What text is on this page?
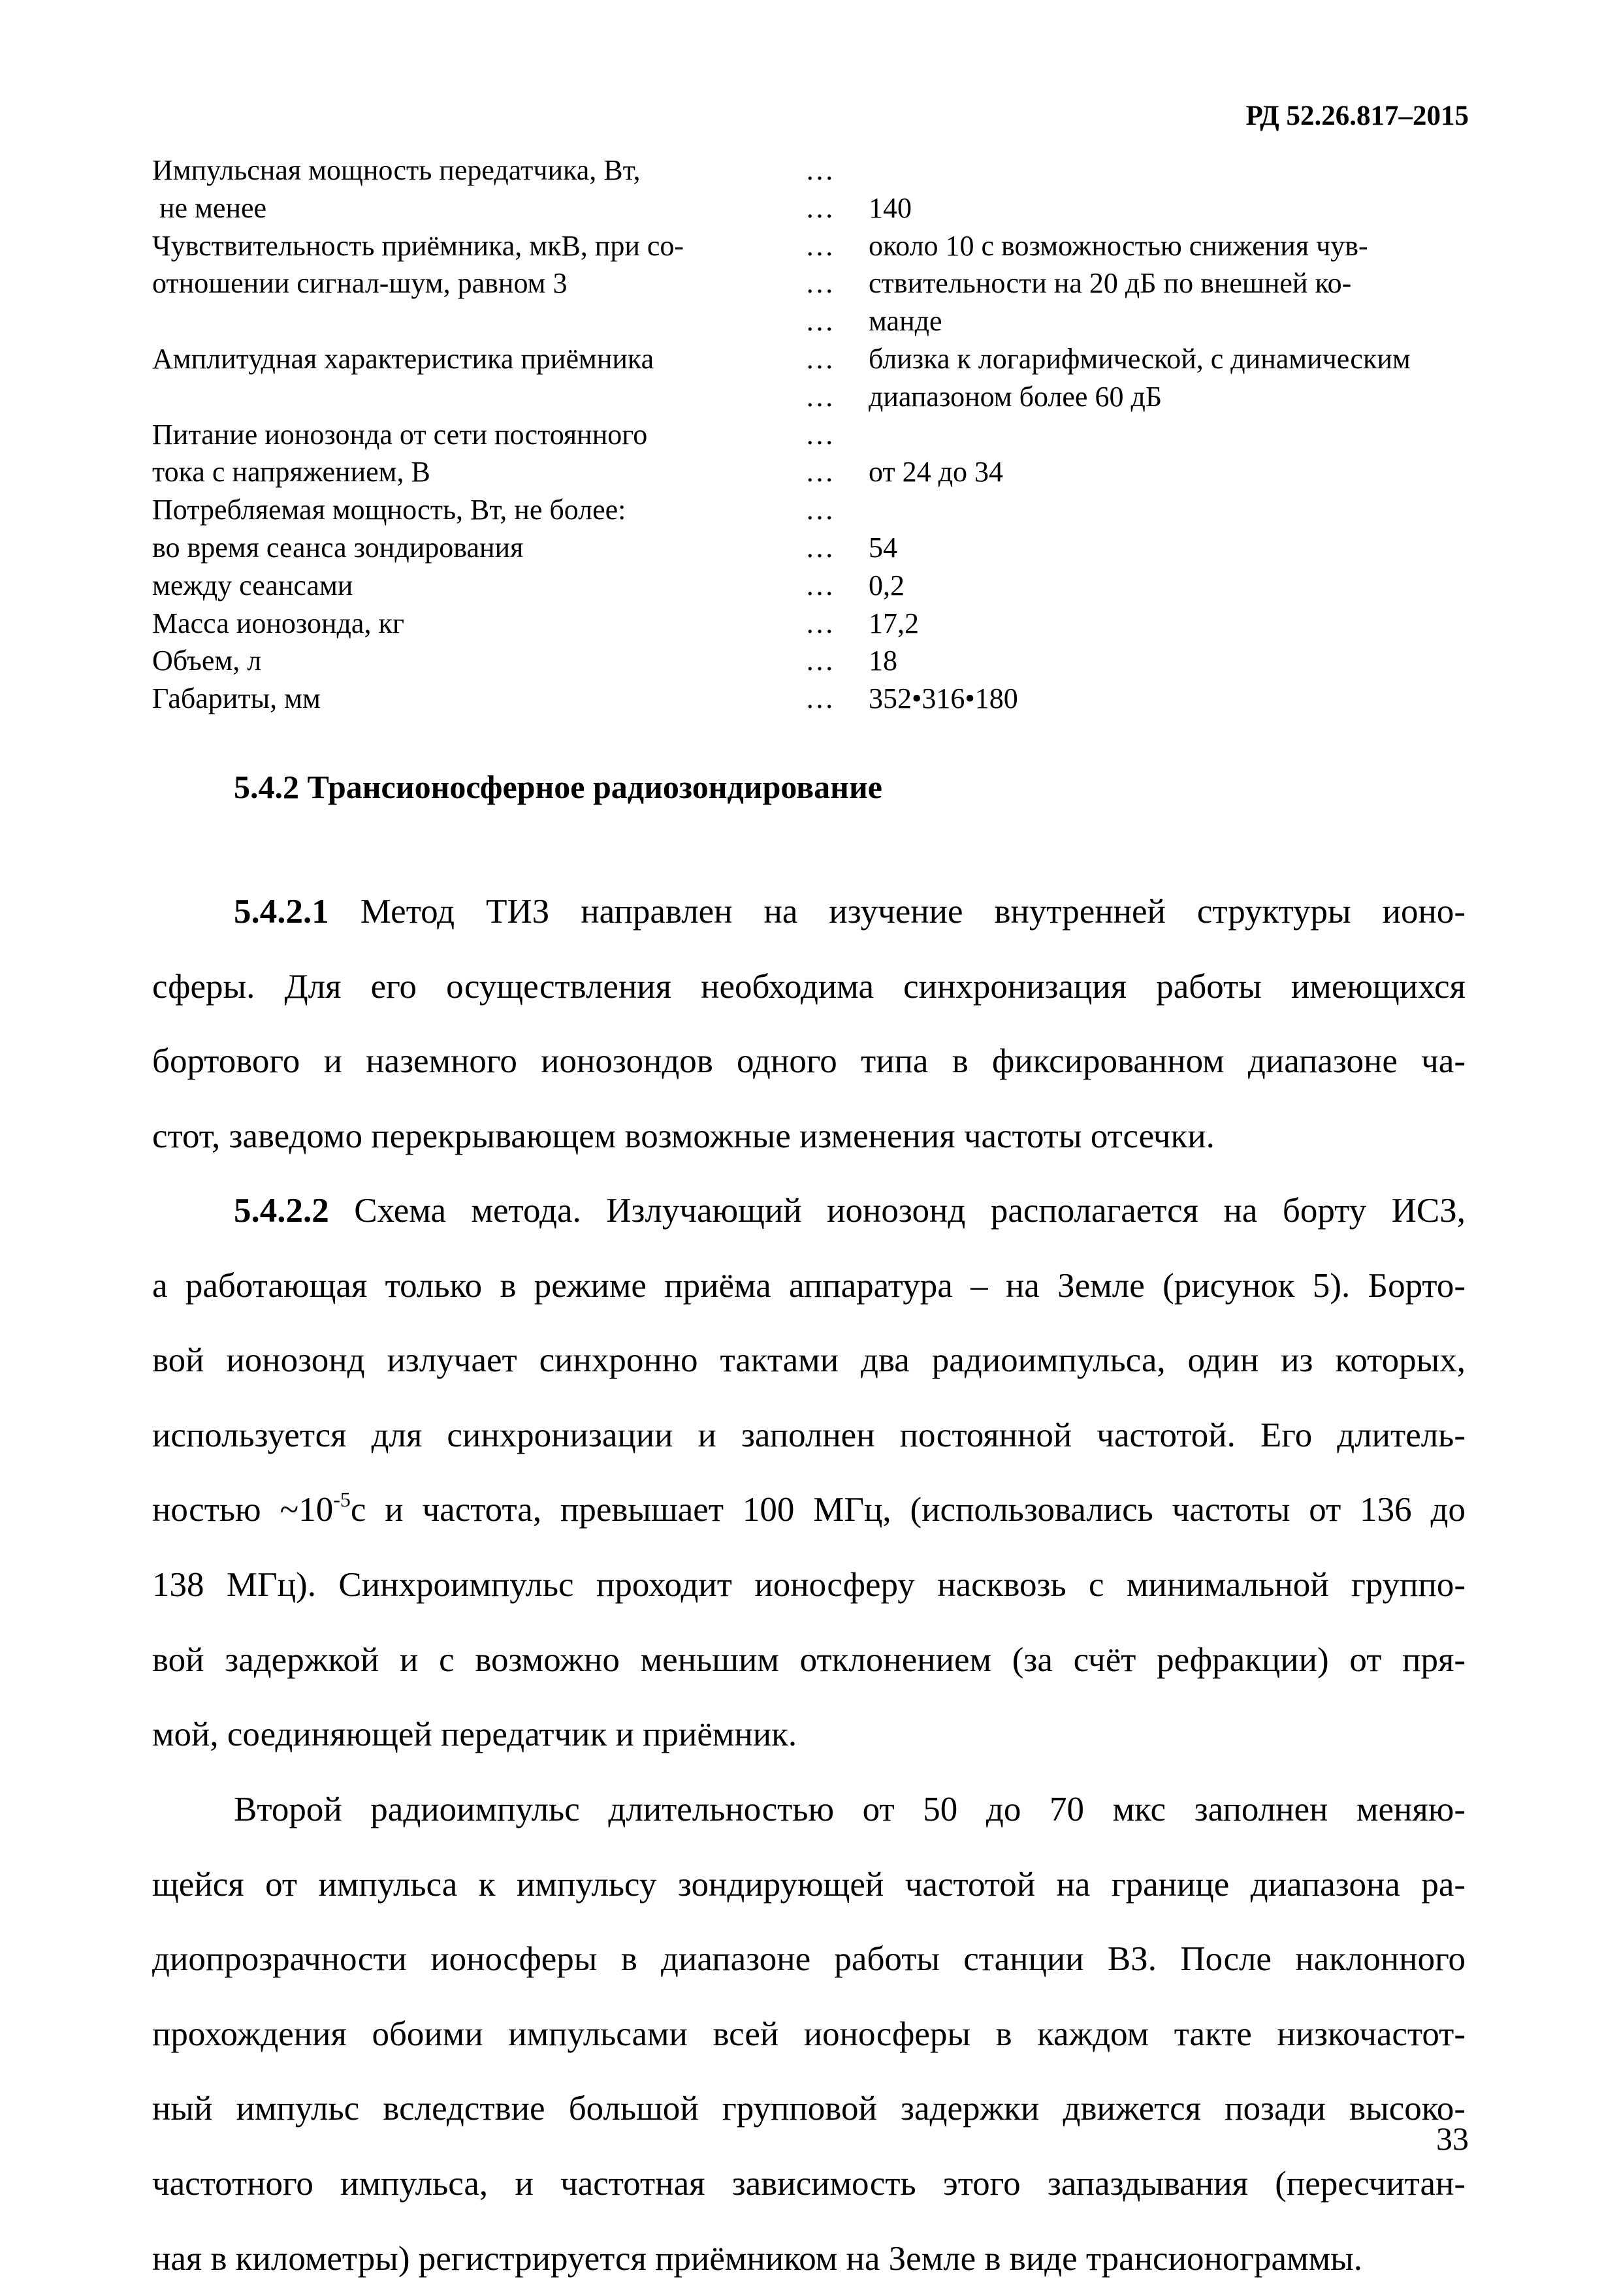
РД 52.26.817–2015
Импульсная мощность передатчика, Вт,	…
не менее	… 140
Чувствительность приёмника, мкВ, при со-	… около 10 с возможностью снижения чув-
отношении сигнал-шум, равном 3	… ствительности на 20 дБ по внешней ко-
… манде
Амплитудная характеристика приёмника	… близка к логарифмической, с динамическим
… диапазоном более 60 дБ
Питание ионозонда от сети постоянного	…
тока с напряжением, В	… от 24 до 34
Потребляемая мощность, Вт, не более:	…
во время сеанса зондирования	… 54
между сеансами	… 0,2
Масса ионозонда, кг	… 17,2
Объем, л	… 18
Габариты, мм	… 352•316•180
5.4.2 Трансионосферное радиозондирование
5.4.2.1 Метод ТИЗ направлен на изучение внутренней структуры ионо-
сферы. Для его осуществления необходима синхронизация работы имеющихся
бортового и наземного ионозондов одного типа в фиксированном диапазоне ча-
стот, заведомо перекрывающем возможные изменения частоты отсечки.
5.4.2.2 Схема метода. Излучающий ионозонд располагается на борту ИСЗ,
а работающая только в режиме приёма аппаратура – на Земле (рисунок 5). Борто-
вой ионозонд излучает синхронно тактами два радиоимпульса, один из которых,
используется для синхронизации и заполнен постоянной частотой. Его длитель-
ностью $\sim 10^{-5}с$ и частота, превышает 100 МГц, (использовались частоты от 136 до
138 МГц). Синхроимпульс проходит ионосферу насквозь с минимальной группо-
вой задержкой и с возможно меньшим отклонением (за счёт рефракции) от пря-
мой, соединяющей передатчик и приёмник.
Второй радиоимпульс длительностью от 50 до 70 мкс заполнен меняю-
щейся от импульса к импульсу зондирующей частотой на границе диапазона ра-
диопрозрачности ионосферы в диапазоне работы станции ВЗ. После наклонного
прохождения обоими импульсами всей ионосферы в каждом такте низкочастот-
ный импульс вследствие большой групповой задержки движется позади высоко-
частотного импульса, и частотная зависимость этого запаздывания (пересчитан-
ная в километры) регистрируется приёмником на Земле в виде трансионограммы.
33
